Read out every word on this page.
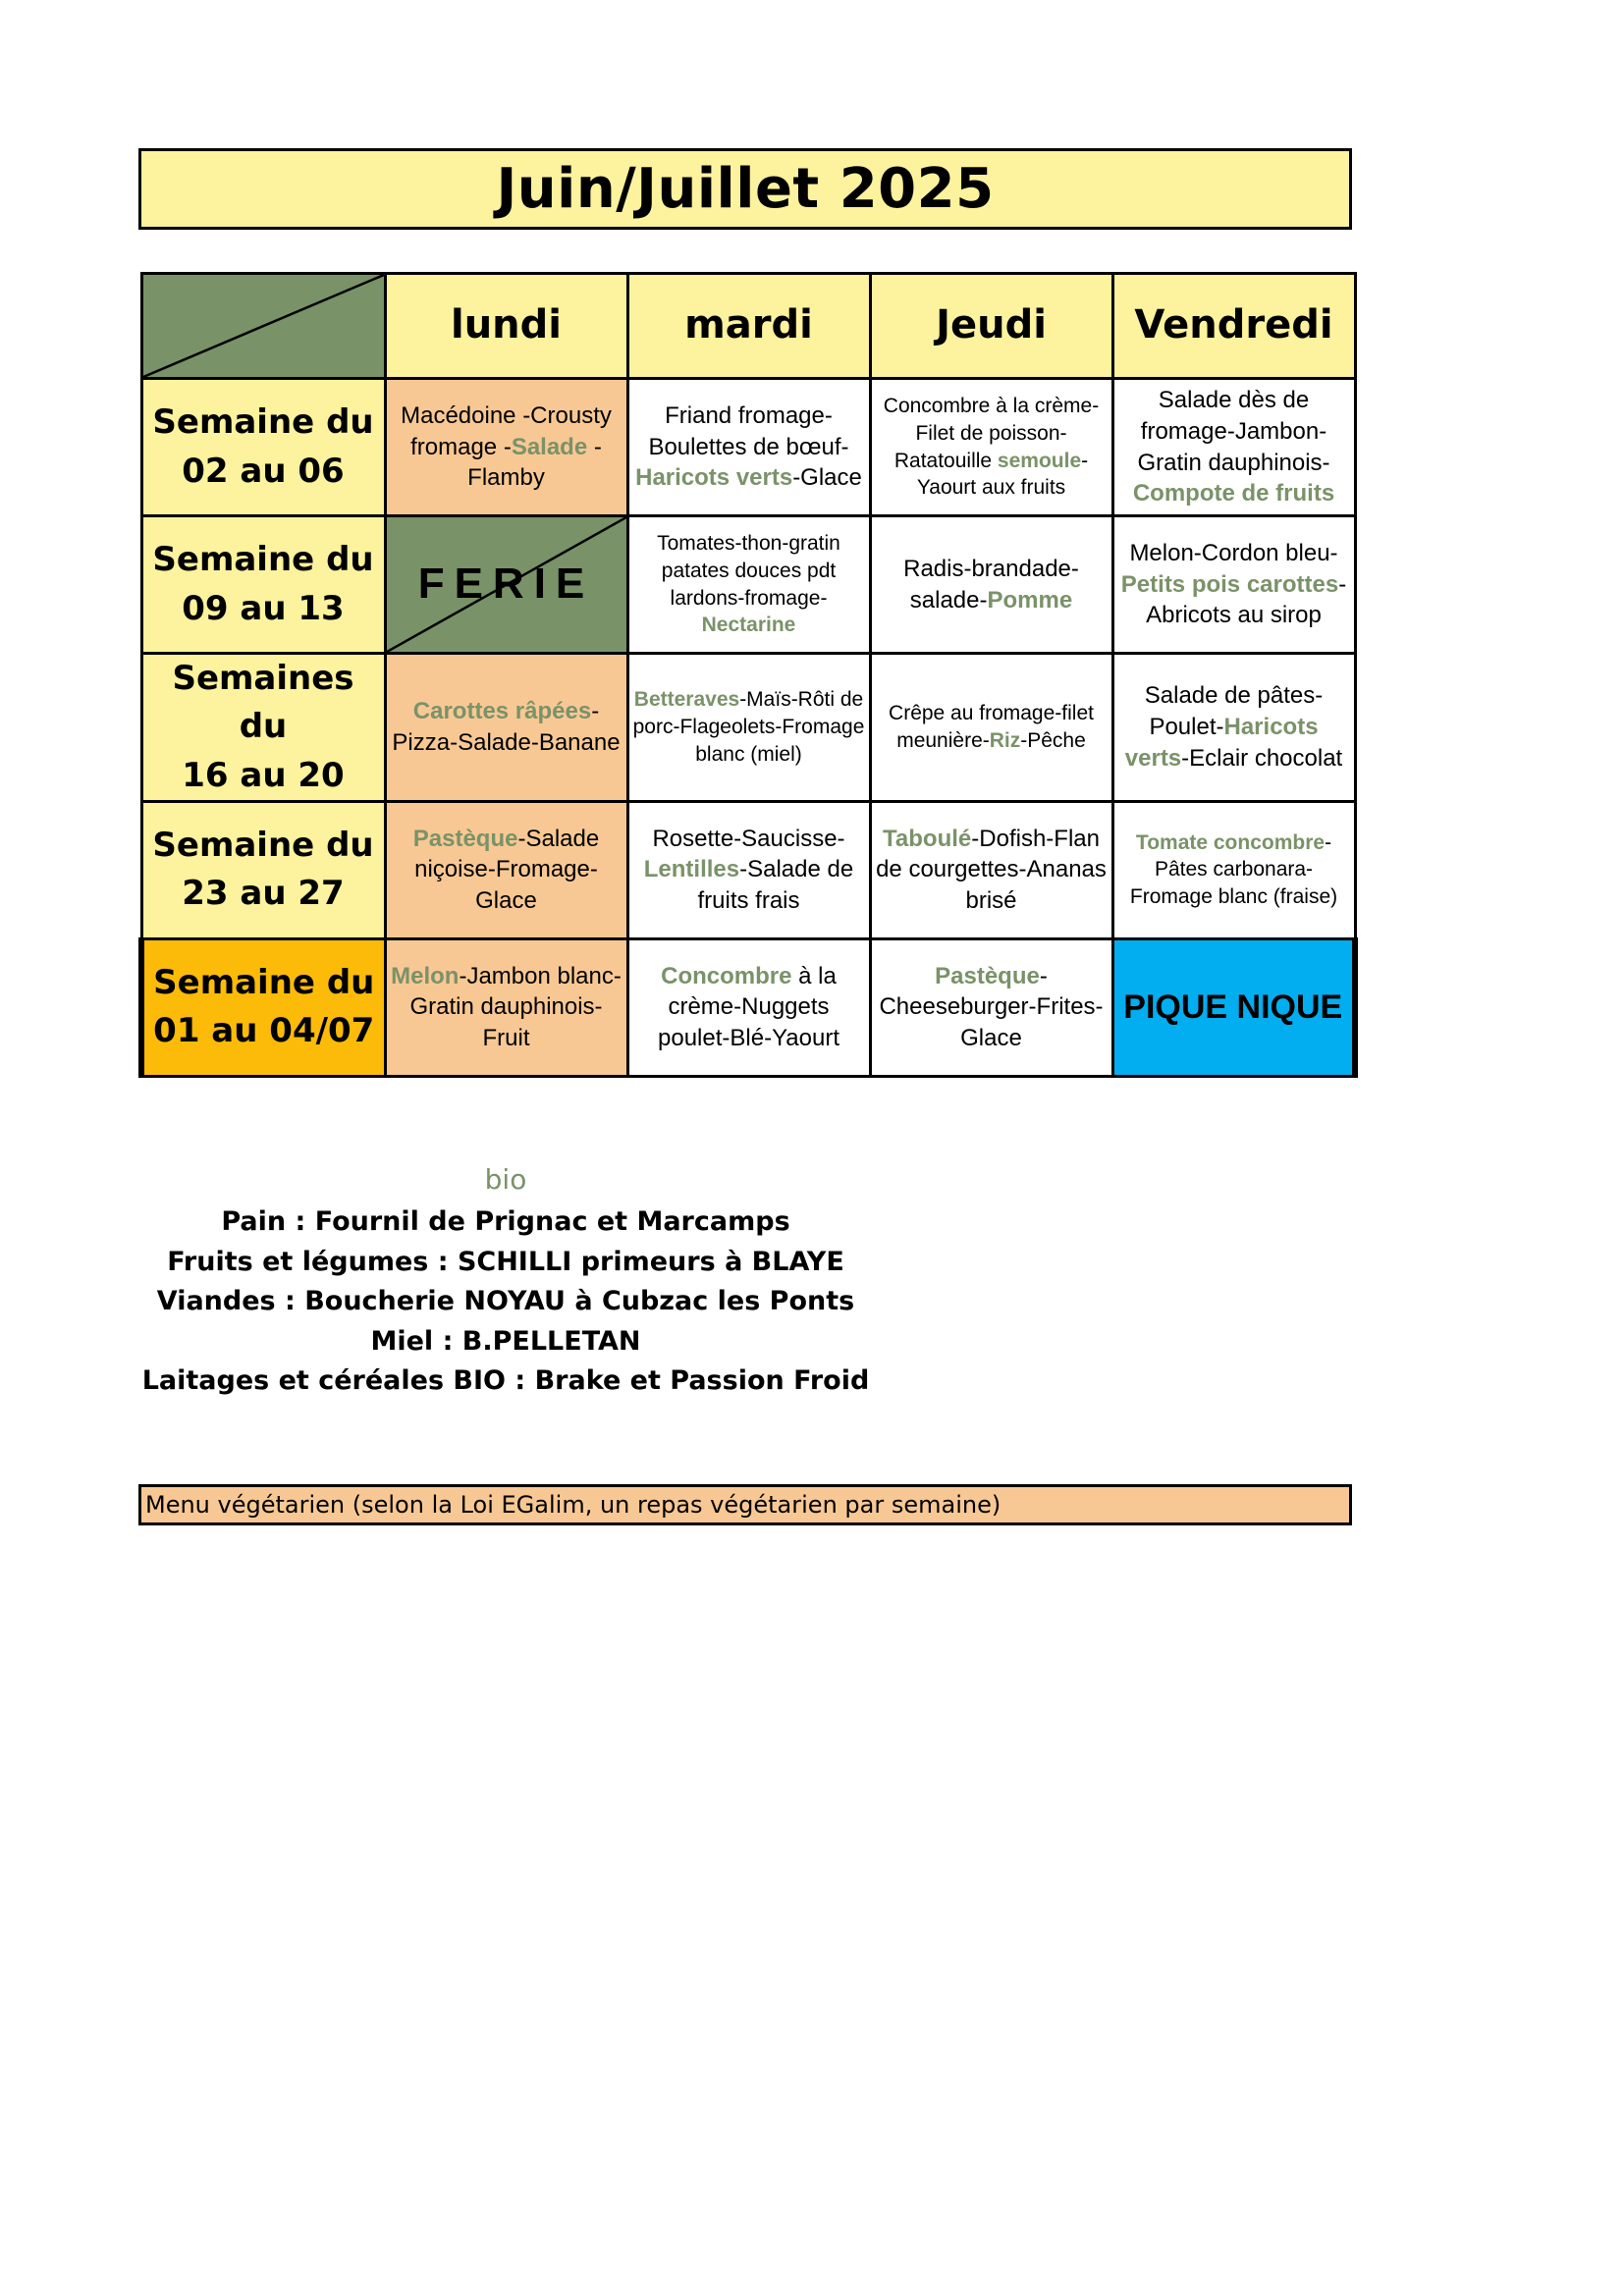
Juin/Juillet 2025
	lundi	mardi	Jeudi	Vendredi

Semaine du
02 au 06	Macédoine -Crousty fromage -Salade -Flamby	Friand fromage-Boulettes de bœuf-Haricots verts-Glace	Concombre à la crème-Filet de poisson-Ratatouille semoule-Yaourt aux fruits	Salade dès de fromage-Jambon-Gratin dauphinois-Compote de fruits

Semaine du
09 au 13	FERIE	Tomates-thon-gratin patates douces pdt lardons-fromage-Nectarine	Radis-brandade-salade-Pomme	Melon-Cordon bleu-Petits pois carottes-Abricots au sirop

Semaines du
16 au 20	Carottes râpées-Pizza-Salade-Banane	Betteraves-Maïs-Rôti de porc-Flageolets-Fromage blanc (miel)	Crêpe au fromage-filet meunière-Riz-Pêche	Salade de pâtes-Poulet-Haricots verts-Eclair chocolat

Semaine du
23 au 27	Pastèque-Salade niçoise-Fromage-Glace	Rosette-Saucisse-Lentilles-Salade de fruits frais	Taboulé-Dofish-Flan de courgettes-Ananas brisé	Tomate concombre-Pâtes carbonara-Fromage blanc (fraise)

Semaine du
01 au 04/07	Melon-Jambon blanc-Gratin dauphinois-Fruit	Concombre à la crème-Nuggets poulet-Blé-Yaourt	Pastèque-Cheeseburger-Frites-Glace	PIQUE NIQUE
bio
Pain : Fournil de Prignac et Marcamps
Fruits et légumes : SCHILLI primeurs à BLAYE
Viandes : Boucherie NOYAU à Cubzac les Ponts
Miel : B.PELLETAN
Laitages et céréales BIO : Brake et Passion Froid
Menu végétarien (selon la Loi EGalim, un repas végétarien par semaine)
